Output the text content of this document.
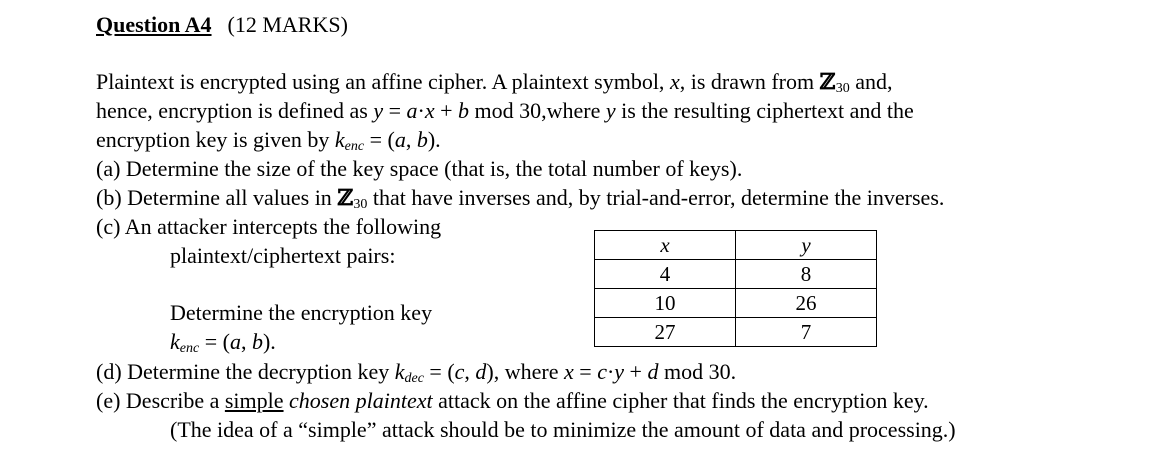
Question A4 (12 MARKS)
Plaintext is encrypted using an affine cipher. A plaintext symbol, x, is drawn from ℤ$_{30}$ and,
hence, encryption is defined as y = a·x + b mod 30,where y is the resulting ciphertext and the
encryption key is given by $k_{enc} = (a$, b).
(a) Determine the size of the key space (that is, the total number of keys).
(b) Determine all values in ℤ$_{30}$ that have inverses and, by trial-and-error, determine the inverses.
(c) An attacker intercepts the following
plaintext/ciphertext pairs:
Determine the encryption key
$k_{enc} = (a$, b).
x	y
4	8
10	26
27	7
(d) Determine the decryption key $k_{dec} = (c$, d), where x = c·y + d mod 30.
(e) Describe a simple chosen plaintext attack on the affine cipher that finds the encryption key.
(The idea of a “simple” attack should be to minimize the amount of data and processing.)
